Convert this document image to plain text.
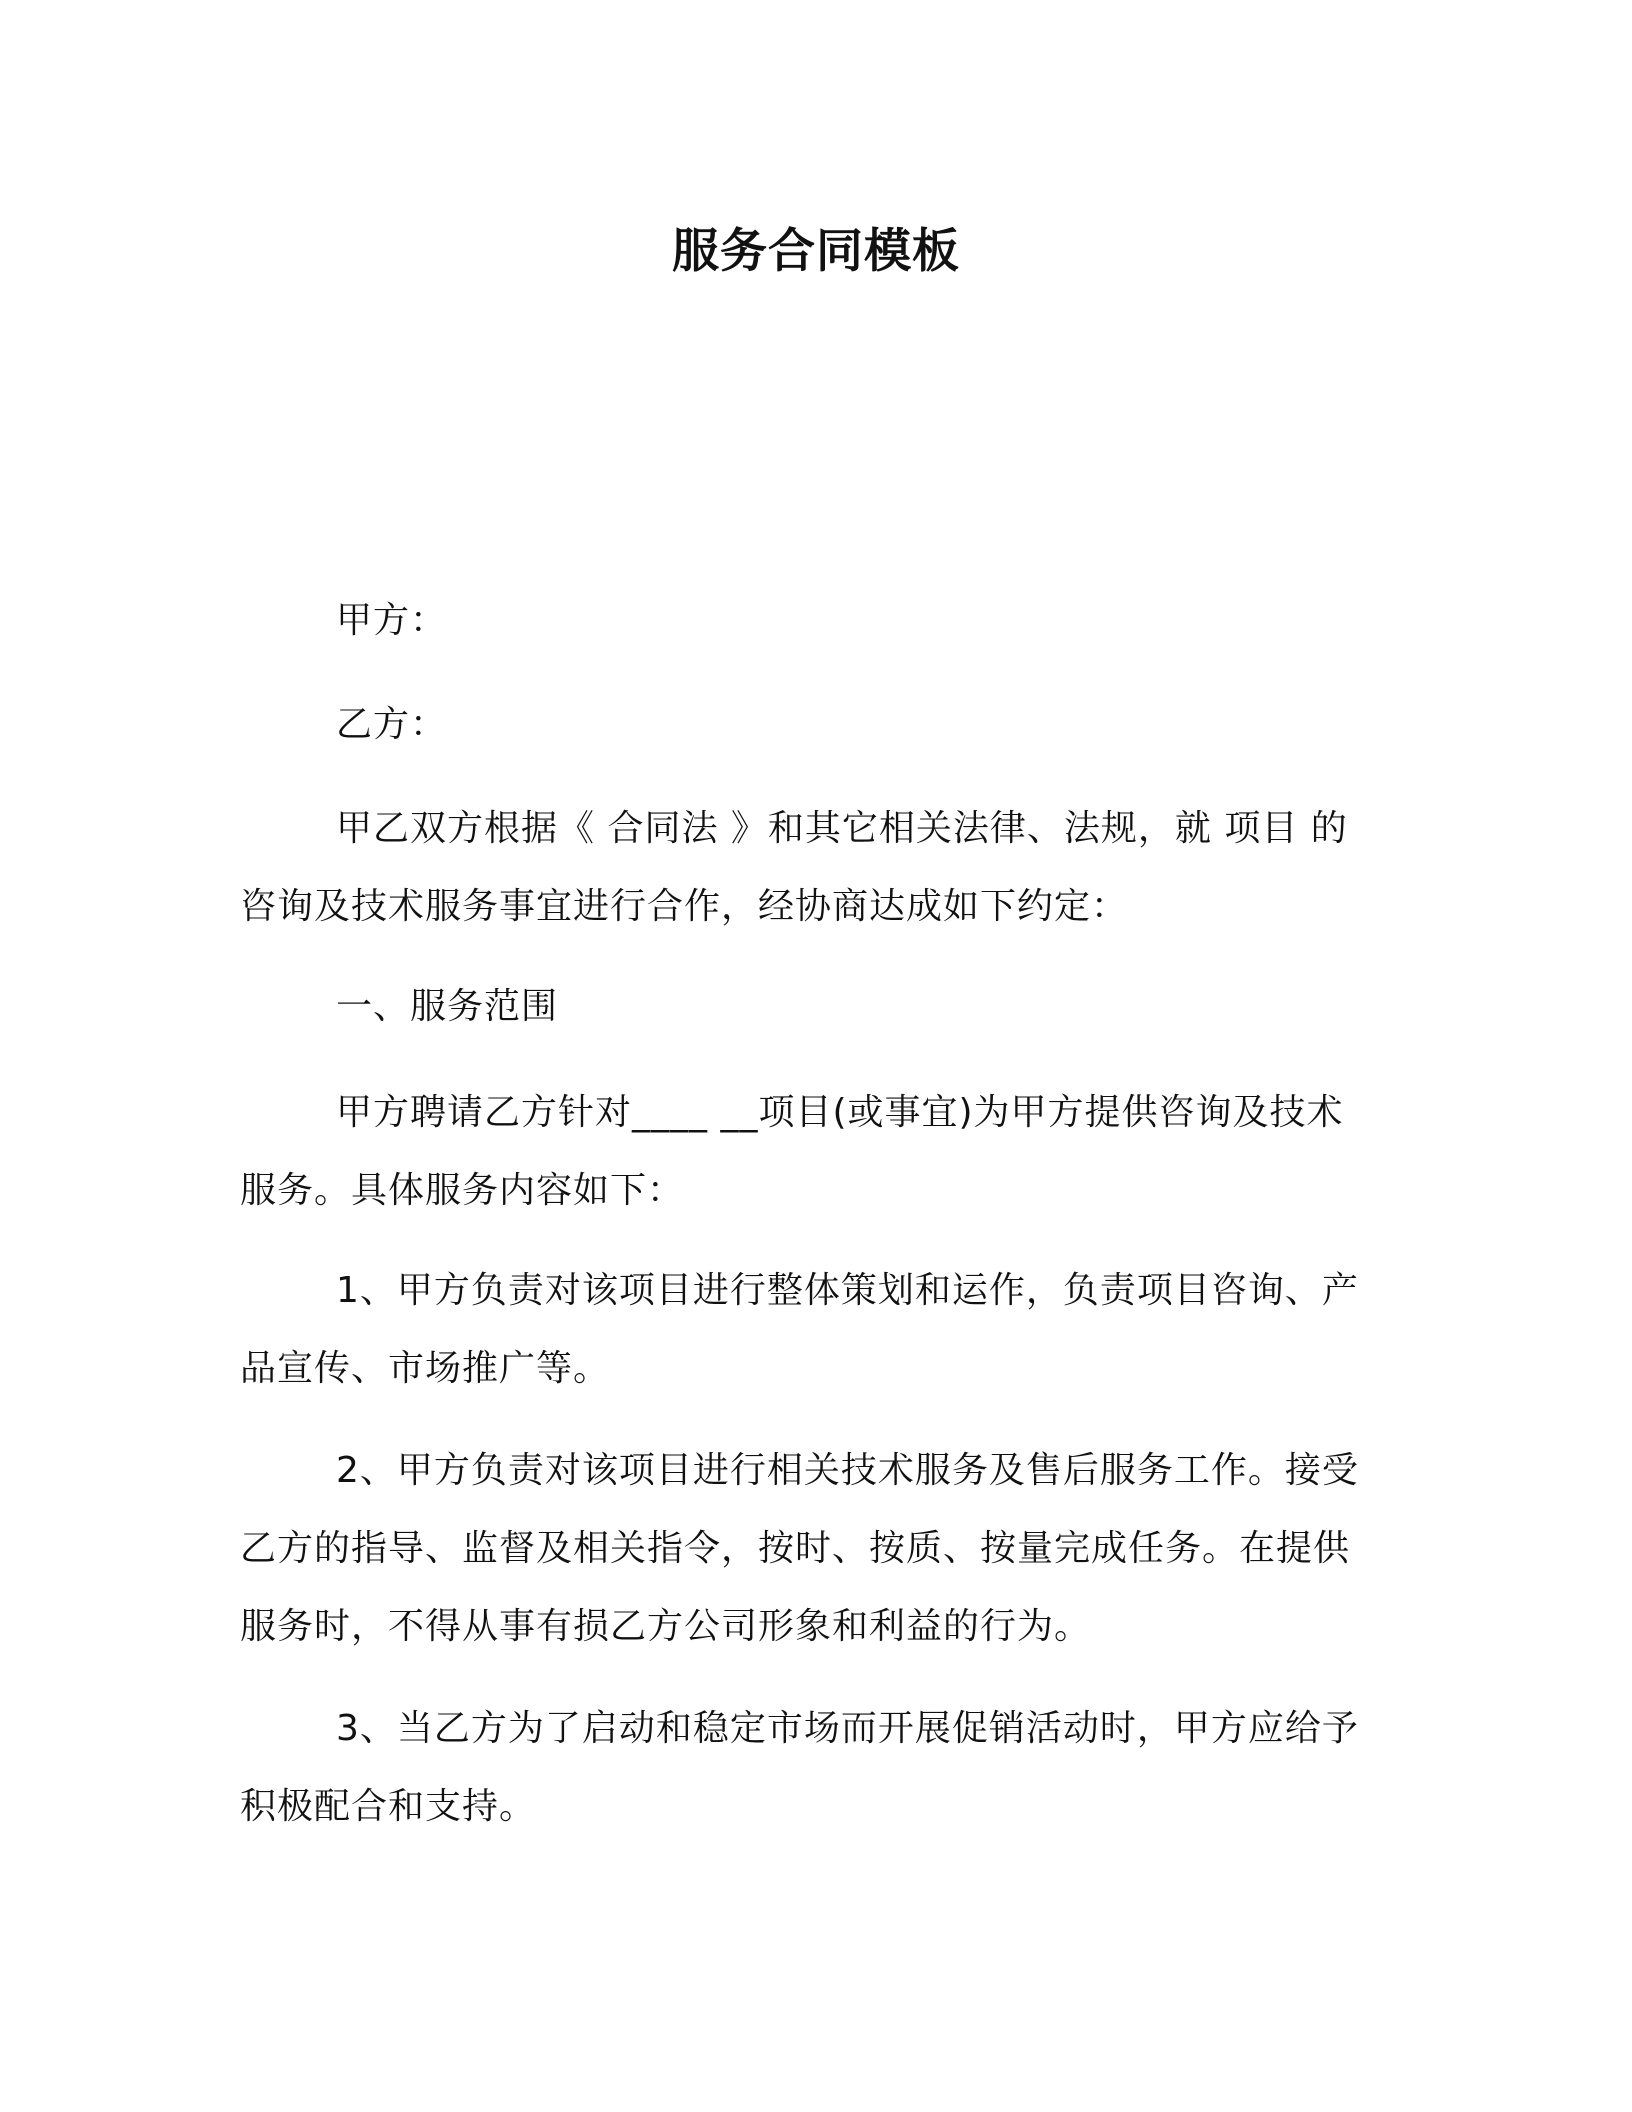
服务合同模板

甲方：

乙方：

甲乙双方根据《 合同法 》和其它相关法律、法规，就 项目 的咨询及技术服务事宜进行合作，经协商达成如下约定：

一、服务范围

甲方聘请乙方针对____ __项目(或事宜)为甲方提供咨询及技术服务。具体服务内容如下：

1、甲方负责对该项目进行整体策划和运作，负责项目咨询、产品宣传、市场推广等。

2、甲方负责对该项目进行相关技术服务及售后服务工作。接受乙方的指导、监督及相关指令，按时、按质、按量完成任务。在提供服务时，不得从事有损乙方公司形象和利益的行为。

3、当乙方为了启动和稳定市场而开展促销活动时，甲方应给予积极配合和支持。
